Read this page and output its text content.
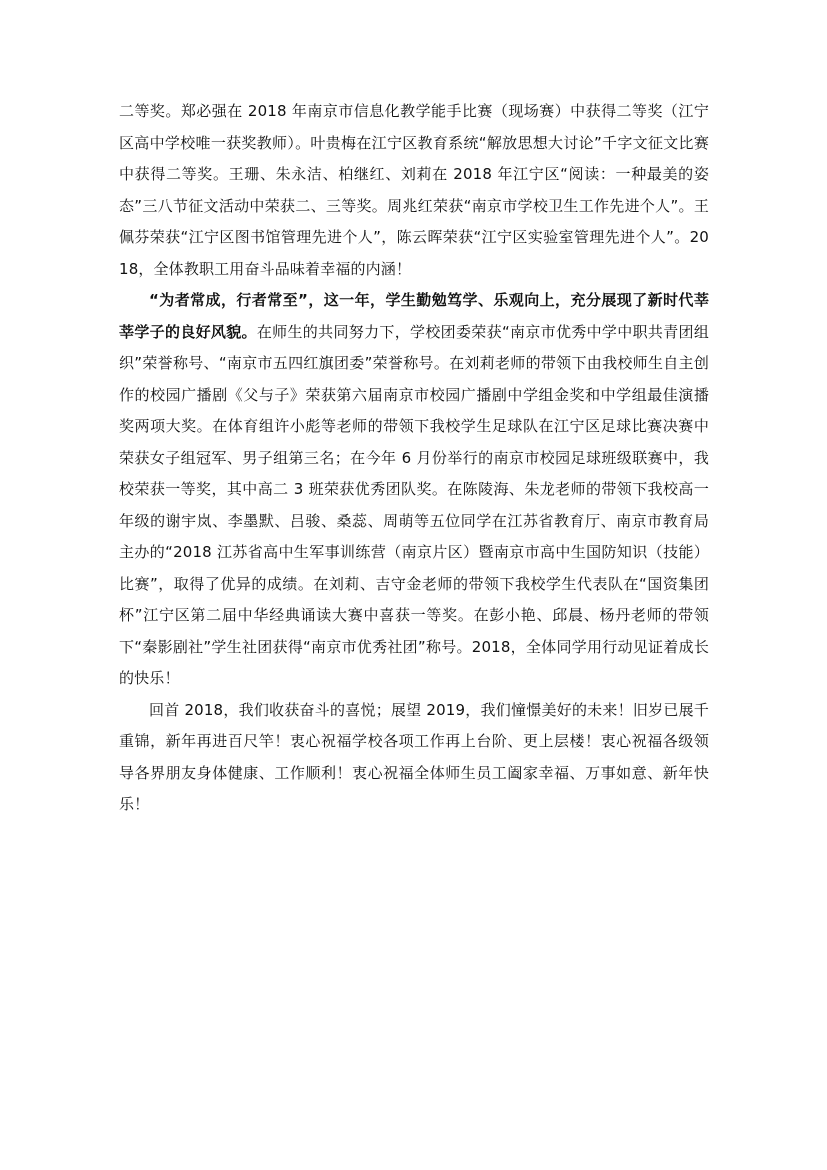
二等奖。郑必强在 2018 年南京市信息化教学能手比赛（现场赛）中获得二等奖（江宁区高中学校唯一获奖教师）。叶贵梅在江宁区教育系统“解放思想大讨论”千字文征文比赛中获得二等奖。王珊、朱永洁、柏继红、刘莉在 2018 年江宁区“阅读：一种最美的姿态”三八节征文活动中荣获二、三等奖。周兆红荣获“南京市学校卫生工作先进个人”。王佩芬荣获“江宁区图书馆管理先进个人”，陈云晖荣获“江宁区实验室管理先进个人”。2018，全体教职工用奋斗品味着幸福的内涵！

“为者常成，行者常至”，这一年，学生勤勉笃学、乐观向上，充分展现了新时代莘莘学子的良好风貌。在师生的共同努力下，学校团委荣获“南京市优秀中学中职共青团组织”荣誉称号、“南京市五四红旗团委”荣誉称号。在刘莉老师的带领下由我校师生自主创作的校园广播剧《父与子》荣获第六届南京市校园广播剧中学组金奖和中学组最佳演播奖两项大奖。在体育组许小彪等老师的带领下我校学生足球队在江宁区足球比赛决赛中荣获女子组冠军、男子组第三名；在今年 6 月份举行的南京市校园足球班级联赛中，我校荣获一等奖，其中高二 3 班荣获优秀团队奖。在陈陵海、朱龙老师的带领下我校高一年级的谢宇岚、李墨默、吕骏、桑蕊、周萌等五位同学在江苏省教育厅、南京市教育局主办的“2018 江苏省高中生军事训练营（南京片区）暨南京市高中生国防知识（技能）比赛”，取得了优异的成绩。在刘莉、吉守金老师的带领下我校学生代表队在“国资集团杯”江宁区第二届中华经典诵读大赛中喜获一等奖。在彭小艳、邱晨、杨丹老师的带领下“秦影剧社”学生社团获得“南京市优秀社团”称号。2018，全体同学用行动见证着成长的快乐！

回首 2018，我们收获奋斗的喜悦；展望 2019，我们憧憬美好的未来！旧岁已展千重锦，新年再进百尺竿！衷心祝福学校各项工作再上台阶、更上层楼！衷心祝福各级领导各界朋友身体健康、工作顺利！衷心祝福全体师生员工阖家幸福、万事如意、新年快乐！
